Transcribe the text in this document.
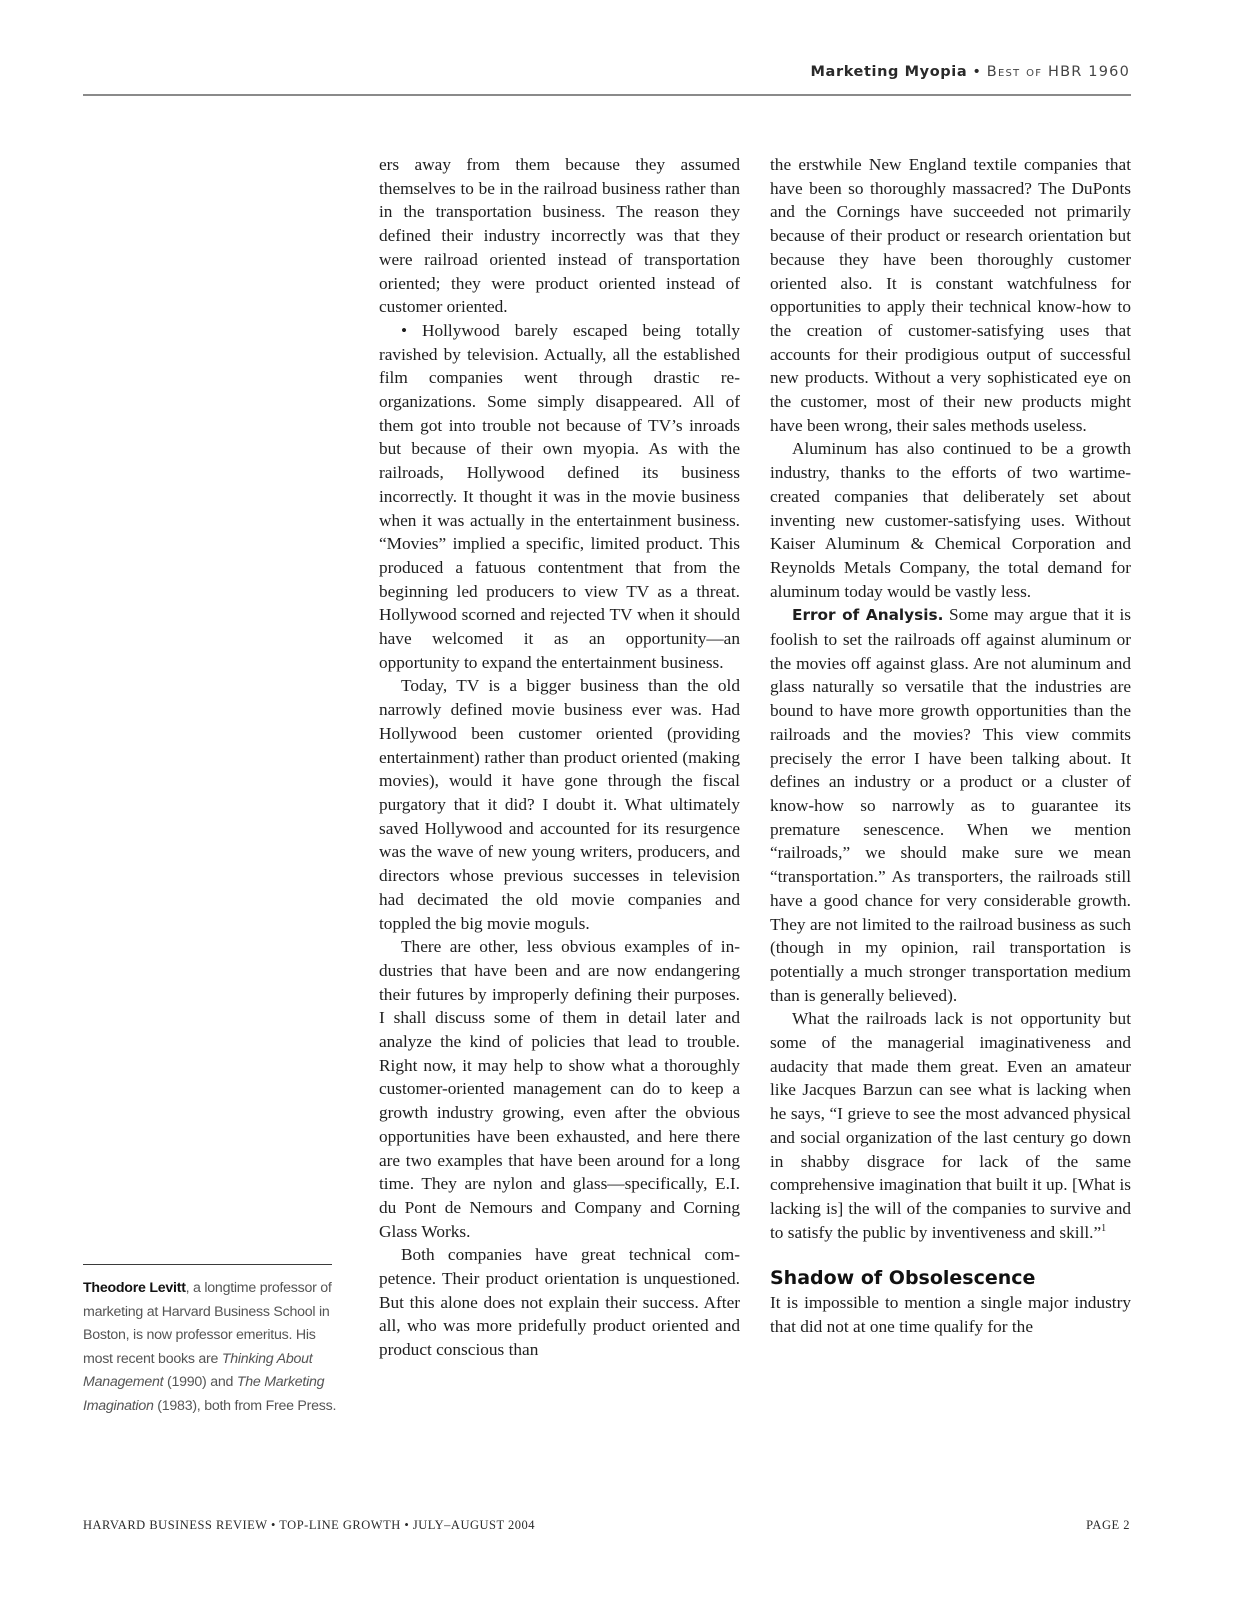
Marketing Myopia • Best of HBR 1960

ers away from them because they assumed themselves to be in the railroad business rather than in the transportation business. The reason they defined their industry incorrectly was that they were railroad oriented instead of transportation oriented; they were product oriented instead of customer oriented.

• Hollywood barely escaped being totally ravished by television. Actually, all the established film companies went through drastic reorganizations. Some simply disappeared. All of them got into trouble not because of TV’s inroads but because of their own myopia. As with the railroads, Hollywood defined its business incorrectly. It thought it was in the movie business when it was actually in the entertainment business. “Movies” implied a specific, limited product. This produced a fatuous contentment that from the beginning led producers to view TV as a threat. Hollywood scorned and rejected TV when it should have welcomed it as an opportunity—an opportunity to expand the entertainment business.

Today, TV is a bigger business than the old narrowly defined movie business ever was. Had Hollywood been customer oriented (providing entertainment) rather than product oriented (making movies), would it have gone through the fiscal purgatory that it did? I doubt it. What ultimately saved Hollywood and accounted for its resurgence was the wave of new young writers, producers, and directors whose previous successes in television had decimated the old movie companies and toppled the big movie moguls.

There are other, less obvious examples of industries that have been and are now endangering their futures by improperly defining their purposes. I shall discuss some of them in detail later and analyze the kind of policies that lead to trouble. Right now, it may help to show what a thoroughly customer-oriented management can do to keep a growth industry growing, even after the obvious opportunities have been exhausted, and here there are two examples that have been around for a long time. They are nylon and glass—specifically, E.I. du Pont de Nemours and Company and Corning Glass Works.

Both companies have great technical competence. Their product orientation is unquestioned. But this alone does not explain their success. After all, who was more pridefully product oriented and product conscious than

the erstwhile New England textile companies that have been so thoroughly massacred? The DuPonts and the Cornings have succeeded not primarily because of their product or research orientation but because they have been thoroughly customer oriented also. It is constant watchfulness for opportunities to apply their technical know-how to the creation of customer-satisfying uses that accounts for their prodigious output of successful new products. Without a very sophisticated eye on the customer, most of their new products might have been wrong, their sales methods useless.

Aluminum has also continued to be a growth industry, thanks to the efforts of two wartime-created companies that deliberately set about inventing new customer-satisfying uses. Without Kaiser Aluminum & Chemical Corporation and Reynolds Metals Company, the total demand for aluminum today would be vastly less.

Error of Analysis. Some may argue that it is foolish to set the railroads off against aluminum or the movies off against glass. Are not aluminum and glass naturally so versatile that the industries are bound to have more growth opportunities than the railroads and the movies? This view commits precisely the error I have been talking about. It defines an industry or a product or a cluster of know-how so narrowly as to guarantee its premature senescence. When we mention “railroads,” we should make sure we mean “transportation.” As transporters, the railroads still have a good chance for very considerable growth. They are not limited to the railroad business as such (though in my opinion, rail transportation is potentially a much stronger transportation medium than is generally believed).

What the railroads lack is not opportunity but some of the managerial imaginativeness and audacity that made them great. Even an amateur like Jacques Barzun can see what is lacking when he says, “I grieve to see the most advanced physical and social organization of the last century go down in shabby disgrace for lack of the same comprehensive imagination that built it up. [What is lacking is] the will of the companies to survive and to satisfy the public by inventiveness and skill.”$^1$

Shadow of Obsolescence

It is impossible to mention a single major industry that did not at one time qualify for the

Theodore Levitt, a longtime professor of marketing at Harvard Business School in Boston, is now professor emeritus. His most recent books are Thinking About Management (1990) and The Marketing Imagination (1983), both from Free Press.
HARVARD BUSINESS REVIEW • TOP-LINE GROWTH • JULY–AUGUST 2004	PAGE 2
